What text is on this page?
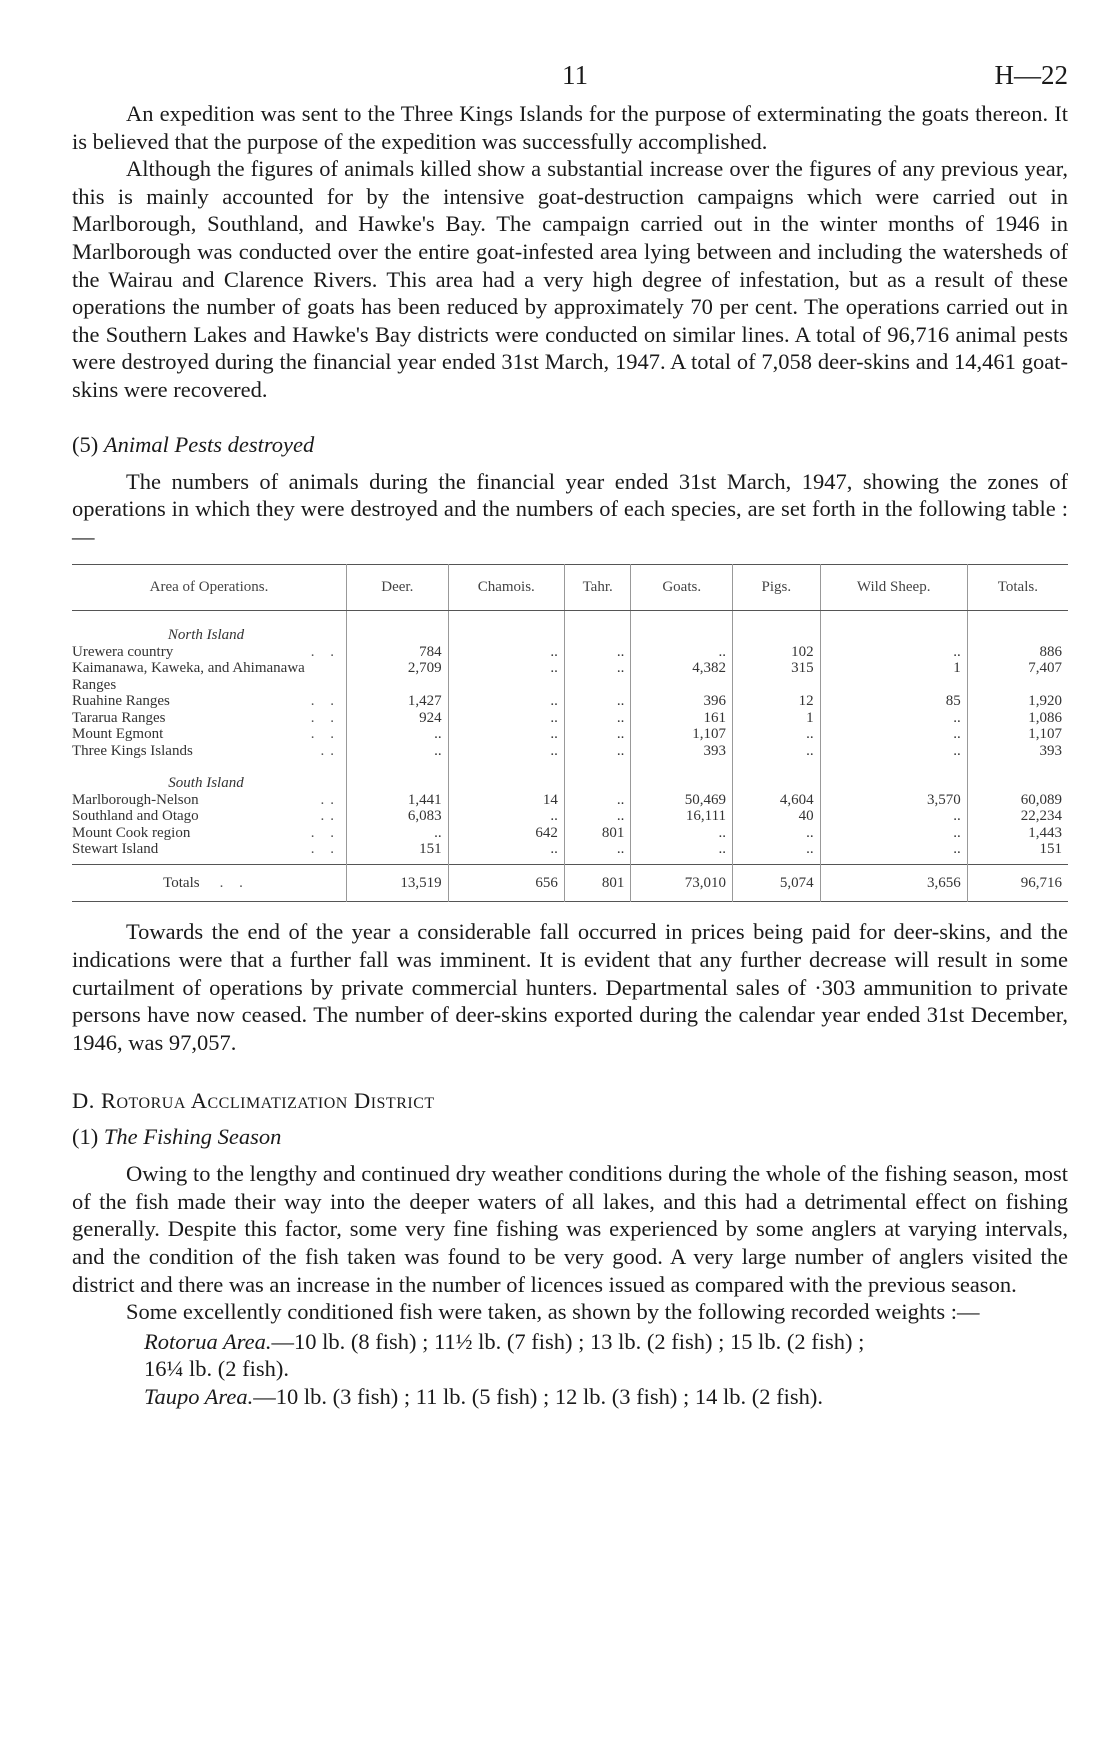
11	H—22

An expedition was sent to the Three Kings Islands for the purpose of exterminating the goats thereon. It is believed that the purpose of the expedition was successfully accomplished.

Although the figures of animals killed show a substantial increase over the figures of any previous year, this is mainly accounted for by the intensive goat-destruction campaigns which were carried out in Marlborough, Southland, and Hawke's Bay. The campaign carried out in the winter months of 1946 in Marlborough was conducted over the entire goat-infested area lying between and including the watersheds of the Wairau and Clarence Rivers. This area had a very high degree of infestation, but as a result of these operations the number of goats has been reduced by approximately 70 per cent. The operations carried out in the Southern Lakes and Hawke's Bay districts were conducted on similar lines. A total of 96,716 animal pests were destroyed during the financial year ended 31st March, 1947. A total of 7,058 deer-skins and 14,461 goat-skins were recovered.

(5) Animal Pests destroyed

The numbers of animals during the financial year ended 31st March, 1947, showing the zones of operations in which they were destroyed and the numbers of each species, are set forth in the following table :—

Area of Operations.	Deer.	Chamois.	Tahr.	Goats.	Pigs.	Wild Sheep.	Totals.
North Island							
Urewera country . .	784	..	..	..	102	..	886
Kaimanawa, Kaweka, and Ahimanawa Ranges	2,709	..	..	4,382	315	1	7,407
Ruahine Ranges . .	1,427	..	..	396	12	85	1,920
Tararua Ranges . .	924	..	..	161	1	..	1,086
Mount Egmont . .	..	..	..	1,107	..	..	1,107
Three Kings Islands ..	..	..	..	393	..	..	393
South Island							
Marlborough-Nelson ..	1,441	14	..	50,469	4,604	3,570	60,089
Southland and Otago ..	6,083	..	..	16,111	40	..	22,234
Mount Cook region . .	..	642	801	..	..	..	1,443
Stewart Island . .	151	..	..	..	..	..	151

Totals . .	13,519	656	801	73,010	5,074	3,656	96,716

Towards the end of the year a considerable fall occurred in prices being paid for deer-skins, and the indications were that a further fall was imminent. It is evident that any further decrease will result in some curtailment of operations by private commercial hunters. Departmental sales of ·303 ammunition to private persons have now ceased. The number of deer-skins exported during the calendar year ended 31st December, 1946, was 97,057.

D. Rotorua Acclimatization District
(1) The Fishing Season

Owing to the lengthy and continued dry weather conditions during the whole of the fishing season, most of the fish made their way into the deeper waters of all lakes, and this had a detrimental effect on fishing generally. Despite this factor, some very fine fishing was experienced by some anglers at varying intervals, and the condition of the fish taken was found to be very good. A very large number of anglers visited the district and there was an increase in the number of licences issued as compared with the previous season.

Some excellently conditioned fish were taken, as shown by the following recorded weights :—

Rotorua Area.—10 lb. (8 fish) ; 11½ lb. (7 fish) ; 13 lb. (2 fish) ; 15 lb. (2 fish) ;
16¼ lb. (2 fish).
Taupo Area.—10 lb. (3 fish) ; 11 lb. (5 fish) ; 12 lb. (3 fish) ; 14 lb. (2 fish).
